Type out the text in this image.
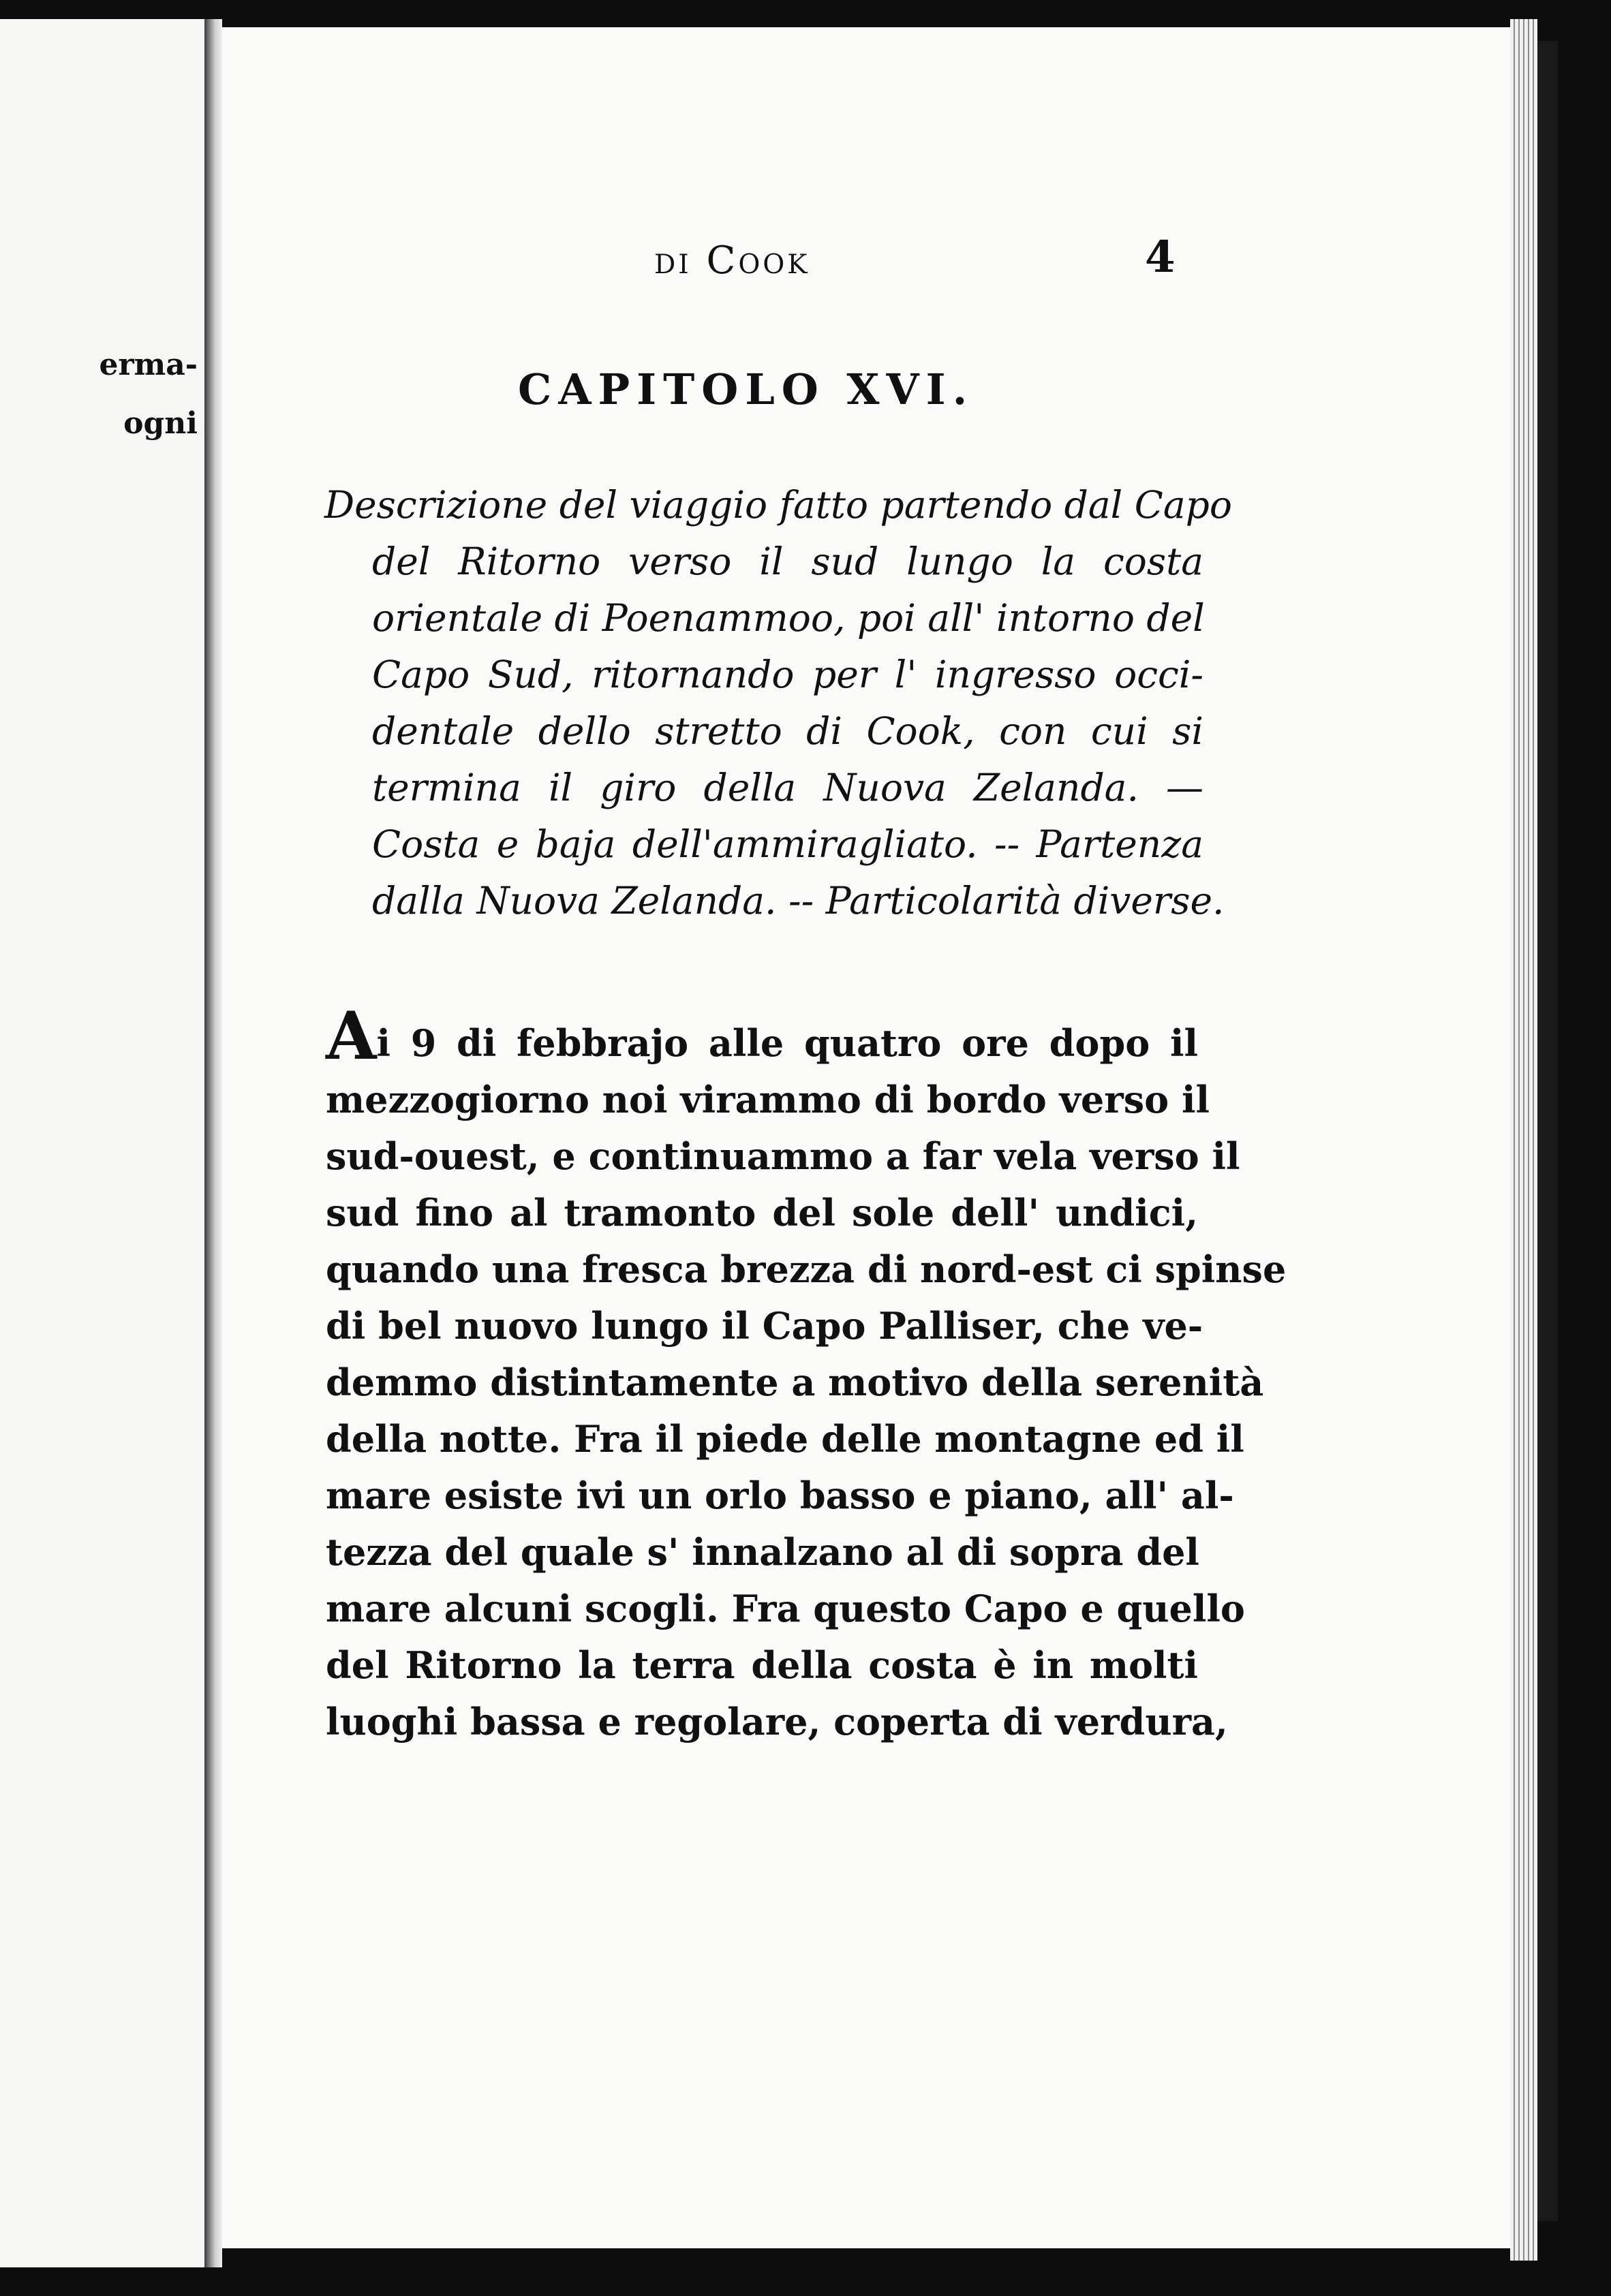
erma-
ogni
di Cook	4
CAPITOLO XVI.
Descrizione del viaggio fatto partendo dal Capo
del Ritorno verso il sud lungo la costa
orientale di Poenammoo, poi all' intorno del
Capo Sud, ritornando per l' ingresso occi-
dentale dello stretto di Cook, con cui si
termina il giro della Nuova Zelanda. —
Costa e baja dell'ammiragliato. -- Partenza
dalla Nuova Zelanda. -- Particolarità diverse.
Ai 9 di febbrajo alle quatro ore dopo il
mezzogiorno noi virammo di bordo verso il
sud-ouest, e continuammo a far vela verso il
sud fino al tramonto del sole dell' undici,
quando una fresca brezza di nord-est ci spinse
di bel nuovo lungo il Capo Palliser, che ve-
demmo distintamente a motivo della serenità
della notte. Fra il piede delle montagne ed il
mare esiste ivi un orlo basso e piano, all' al-
tezza del quale s' innalzano al di sopra del
mare alcuni scogli. Fra questo Capo e quello
del Ritorno la terra della costa è in molti
luoghi bassa e regolare, coperta di verdura,
